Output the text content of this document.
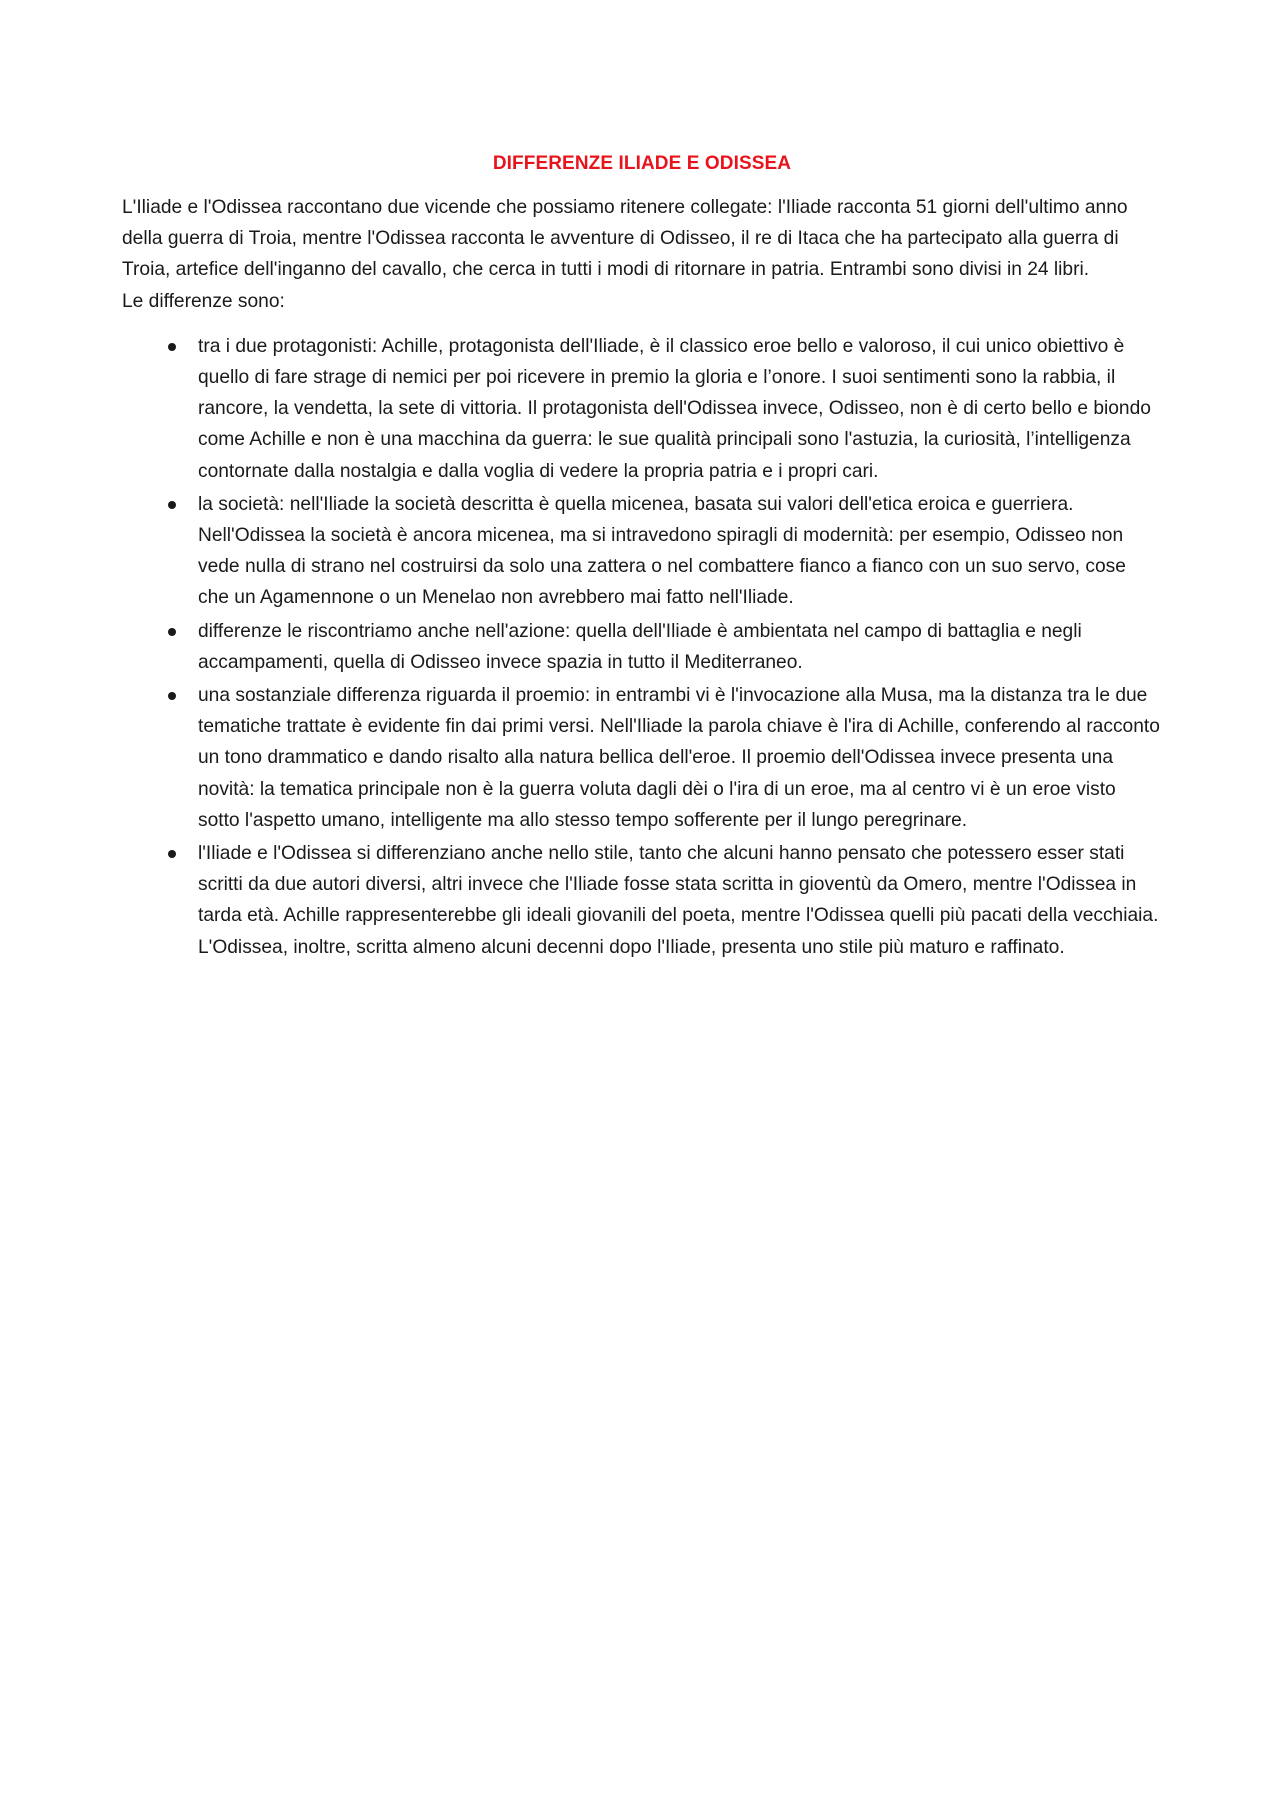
DIFFERENZE ILIADE E ODISSEA

L'Iliade e l'Odissea raccontano due vicende che possiamo ritenere collegate: l'Iliade racconta 51 giorni dell'ultimo anno della guerra di Troia, mentre l'Odissea racconta le avventure di Odisseo, il re di Itaca che ha partecipato alla guerra di Troia, artefice dell'inganno del cavallo, che cerca in tutti i modi di ritornare in patria. Entrambi sono divisi in 24 libri.

Le differenze sono:

tra i due protagonisti: Achille, protagonista dell'Iliade, è il classico eroe bello e valoroso, il cui unico obiettivo è quello di fare strage di nemici per poi ricevere in premio la gloria e l’onore. I suoi sentimenti sono la rabbia, il rancore, la vendetta, la sete di vittoria. Il protagonista dell'Odissea invece, Odisseo, non è di certo bello e biondo come Achille e non è una macchina da guerra: le sue qualità principali sono l'astuzia, la curiosità, l’intelligenza contornate dalla nostalgia e dalla voglia di vedere la propria patria e i propri cari.
la società: nell'Iliade la società descritta è quella micenea, basata sui valori dell'etica eroica e guerriera. Nell'Odissea la società è ancora micenea, ma si intravedono spiragli di modernità: per esempio, Odisseo non vede nulla di strano nel costruirsi da solo una zattera o nel combattere fianco a fianco con un suo servo, cose che un Agamennone o un Menelao non avrebbero mai fatto nell'Iliade.
differenze le riscontriamo anche nell'azione: quella dell'Iliade è ambientata nel campo di battaglia e negli accampamenti, quella di Odisseo invece spazia in tutto il Mediterraneo.
una sostanziale differenza riguarda il proemio: in entrambi vi è l'invocazione alla Musa, ma la distanza tra le due tematiche trattate è evidente fin dai primi versi. Nell'Iliade la parola chiave è l'ira di Achille, conferendo al racconto un tono drammatico e dando risalto alla natura bellica dell'eroe. Il proemio dell'Odissea invece presenta una novità: la tematica principale non è la guerra voluta dagli dèi o l'ira di un eroe, ma al centro vi è un eroe visto sotto l'aspetto umano, intelligente ma allo stesso tempo sofferente per il lungo peregrinare.
l'Iliade e l'Odissea si differenziano anche nello stile, tanto che alcuni hanno pensato che potessero esser stati scritti da due autori diversi, altri invece che l'Iliade fosse stata scritta in gioventù da Omero, mentre l'Odissea in tarda età. Achille rappresenterebbe gli ideali giovanili del poeta, mentre l'Odissea quelli più pacati della vecchiaia. L'Odissea, inoltre, scritta almeno alcuni decenni dopo l'Iliade, presenta uno stile più maturo e raffinato.
